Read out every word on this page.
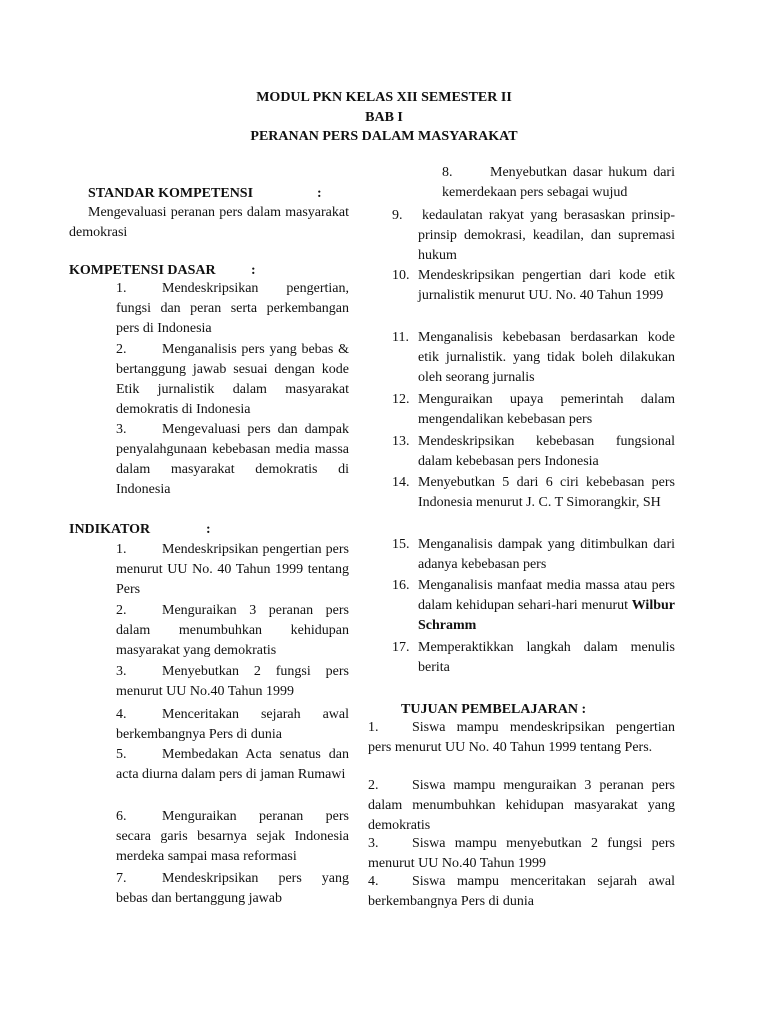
MODUL PKN KELAS XII SEMESTER II
BAB I
PERANAN PERS DALAM MASYARAKAT
STANDAR KOMPETENSI	:
Mengevaluasi peranan pers dalam masyarakat demokrasi
KOMPETENSI DASAR	:
1.	Mendeskripsikan pengertian, fungsi dan peran serta perkembangan pers di Indonesia
2.	Menganalisis pers yang bebas & bertanggung jawab sesuai dengan kode Etik jurnalistik dalam masyarakat demokratis di Indonesia
3.	Mengevaluasi pers dan dampak penyalahgunaan kebebasan media massa dalam masyarakat demokratis di Indonesia
INDIKATOR	:
1.	Mendeskripsikan pengertian pers menurut UU No. 40 Tahun 1999 tentang Pers
2.	Menguraikan 3 peranan pers dalam menumbuhkan kehidupan masyarakat yang demokratis
3.	Menyebutkan 2 fungsi pers menurut UU No.40 Tahun 1999
4.	Menceritakan sejarah awal berkembangnya Pers di dunia
5.	Membedakan Acta senatus dan acta diurna dalam pers di jaman Rumawi
6.	Menguraikan peranan pers secara garis besarnya sejak Indonesia merdeka sampai masa reformasi
7.	Mendeskripsikan pers yang bebas dan bertanggung jawab
8.	Menyebutkan dasar hukum dari kemerdekaan pers sebagai wujud
9. kedaulatan rakyat yang berasaskan prinsip-prinsip demokrasi, keadilan, dan supremasi hukum
10. Mendeskripsikan pengertian dari kode etik jurnalistik menurut UU. No. 40 Tahun 1999
11. Menganalisis kebebasan berdasarkan kode etik jurnalistik. yang tidak boleh dilakukan oleh seorang jurnalis
12. Menguraikan upaya pemerintah dalam mengendalikan kebebasan pers
13. Mendeskripsikan kebebasan fungsional dalam kebebasan pers Indonesia
14. Menyebutkan 5 dari 6 ciri kebebasan pers Indonesia menurut J. C. T Simorangkir, SH
15. Menganalisis dampak yang ditimbulkan dari adanya kebebasan pers
16. Menganalisis manfaat media massa atau pers dalam kehidupan sehari-hari menurut Wilbur Schramm
17. Memperaktikkan langkah dalam menulis berita
TUJUAN PEMBELAJARAN :
1. Siswa mampu mendeskripsikan pengertian pers menurut UU No. 40 Tahun 1999 tentang Pers.
2. Siswa mampu menguraikan 3 peranan pers dalam menumbuhkan kehidupan masyarakat yang demokratis
3. Siswa mampu menyebutkan 2 fungsi pers menurut UU No.40 Tahun 1999
4. Siswa mampu menceritakan sejarah awal berkembangnya Pers di dunia
